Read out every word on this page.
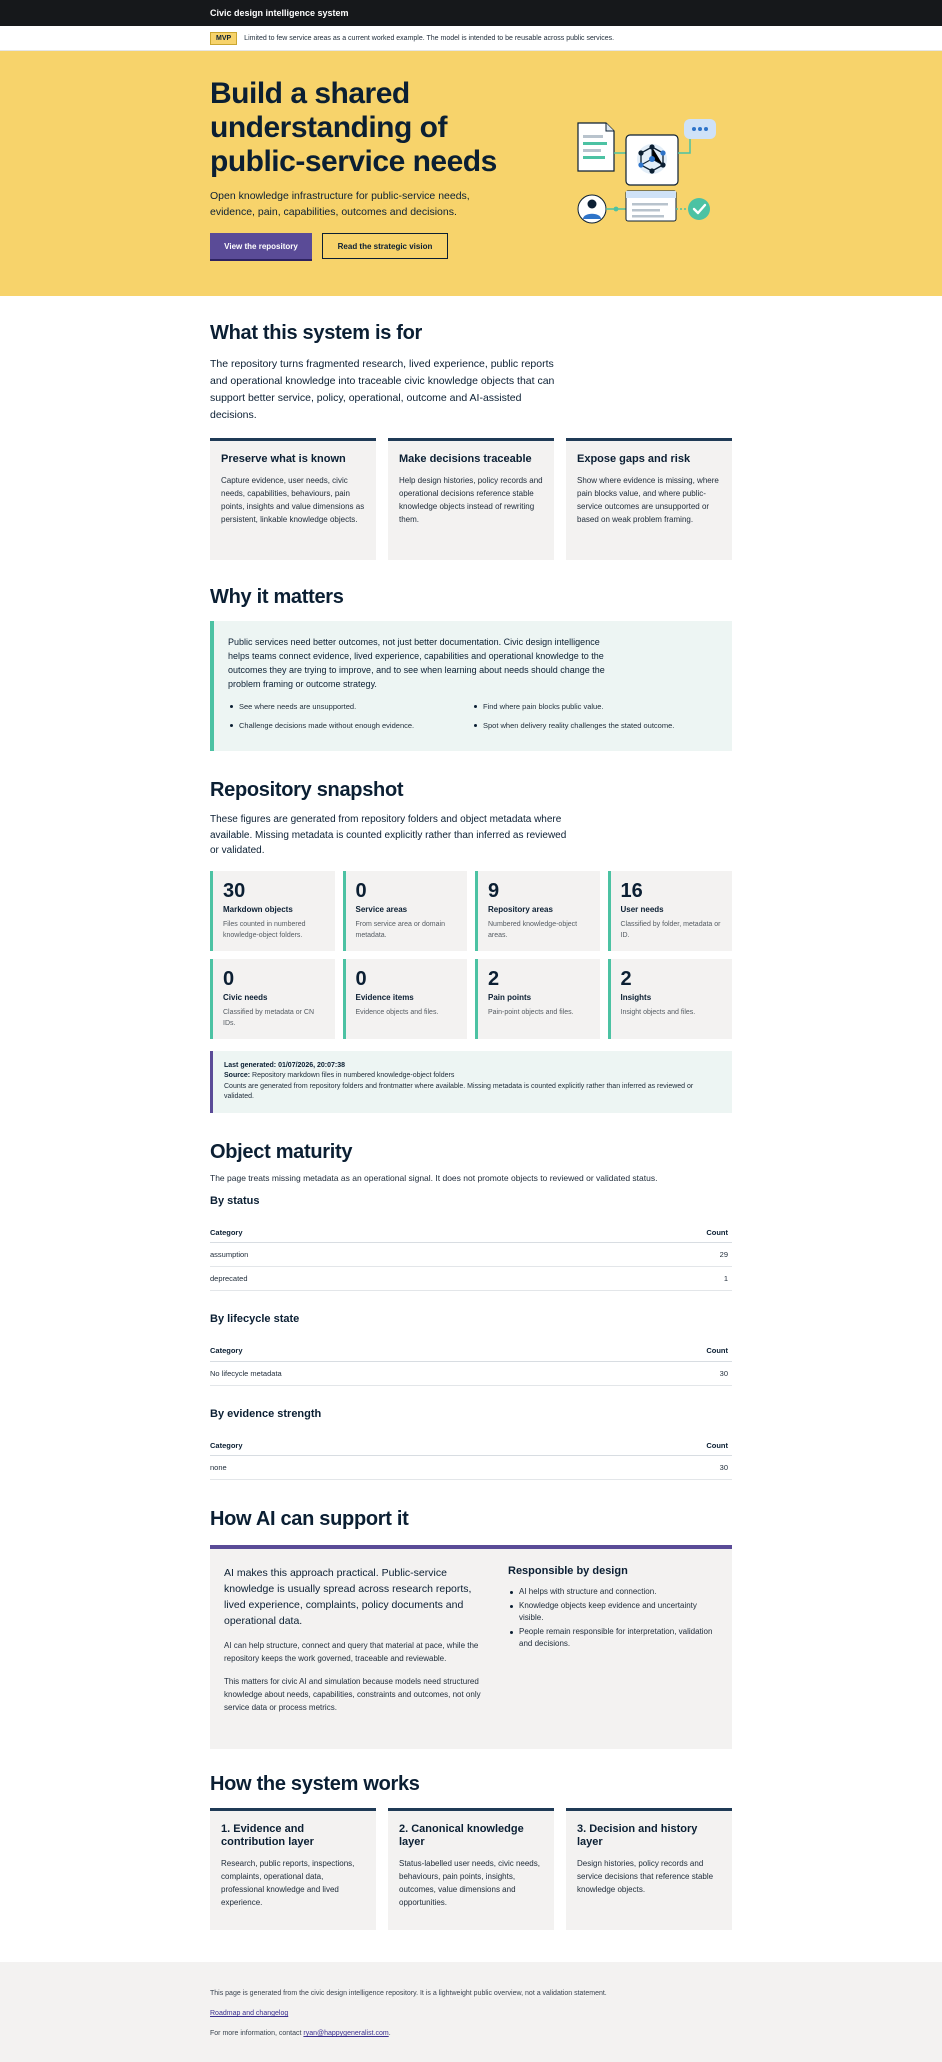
Civic design intelligence system
MVP	Limited to few service areas as a current worked example. The model is intended to be reusable across public services.
Build a shared understanding of public-service needs

Open knowledge infrastructure for public-service needs, evidence, pain, capabilities, outcomes and decisions.

View the repository	Read the strategic vision
What this system is for

The repository turns fragmented research, lived experience, public reports and operational knowledge into traceable civic knowledge objects that can support better service, policy, operational, outcome and AI-assisted decisions.

Preserve what is known

Capture evidence, user needs, civic needs, capabilities, behaviours, pain points, insights and value dimensions as persistent, linkable knowledge objects.

Make decisions traceable

Help design histories, policy records and operational decisions reference stable knowledge objects instead of rewriting them.

Expose gaps and risk

Show where evidence is missing, where pain blocks value, and where public-service outcomes are unsupported or based on weak problem framing.

Why it matters

Public services need better outcomes, not just better documentation. Civic design intelligence helps teams connect evidence, lived experience, capabilities and operational knowledge to the outcomes they are trying to improve, and to see when learning about needs should change the problem framing or outcome strategy.

See where needs are unsupported.
Challenge decisions made without enough evidence.
Find where pain blocks public value.
Spot when delivery reality challenges the stated outcome.
Repository snapshot

These figures are generated from repository folders and object metadata where available. Missing metadata is counted explicitly rather than inferred as reviewed or validated.

30
Markdown objects
Files counted in numbered knowledge-object folders.
0
Service areas
From service area or domain metadata.
9
Repository areas
Numbered knowledge-object areas.
16
User needs
Classified by folder, metadata or ID.
0
Civic needs
Classified by metadata or CN IDs.
0
Evidence items
Evidence objects and files.
2
Pain points
Pain-point objects and files.
2
Insights
Insight objects and files.
Last generated: 01/07/2026, 20:07:38
Source: Repository markdown files in numbered knowledge-object folders
Counts are generated from repository folders and frontmatter where available. Missing metadata is counted explicitly rather than inferred as reviewed or validated.
Object maturity

The page treats missing metadata as an operational signal. It does not promote objects to reviewed or validated status.

By status
Category	Count
assumption	29
deprecated	1
By lifecycle state
Category	Count
No lifecycle metadata	30
By evidence strength
Category	Count
none	30
How AI can support it

AI makes this approach practical. Public-service knowledge is usually spread across research reports, lived experience, complaints, policy documents and operational data.

AI can help structure, connect and query that material at pace, while the repository keeps the work governed, traceable and reviewable.

This matters for civic AI and simulation because models need structured knowledge about needs, capabilities, constraints and outcomes, not only service data or process metrics.

Responsible by design
AI helps with structure and connection.
Knowledge objects keep evidence and uncertainty visible.
People remain responsible for interpretation, validation and decisions.
How the system works
1. Evidence and contribution layer

Research, public reports, inspections, complaints, operational data, professional knowledge and lived experience.

2. Canonical knowledge layer

Status-labelled user needs, civic needs, behaviours, pain points, insights, outcomes, value dimensions and opportunities.

3. Decision and history layer

Design histories, policy records and service decisions that reference stable knowledge objects.

This page is generated from the civic design intelligence repository. It is a lightweight public overview, not a validation statement.

Roadmap and changelog

For more information, contact ryan@happygeneralist.com.
